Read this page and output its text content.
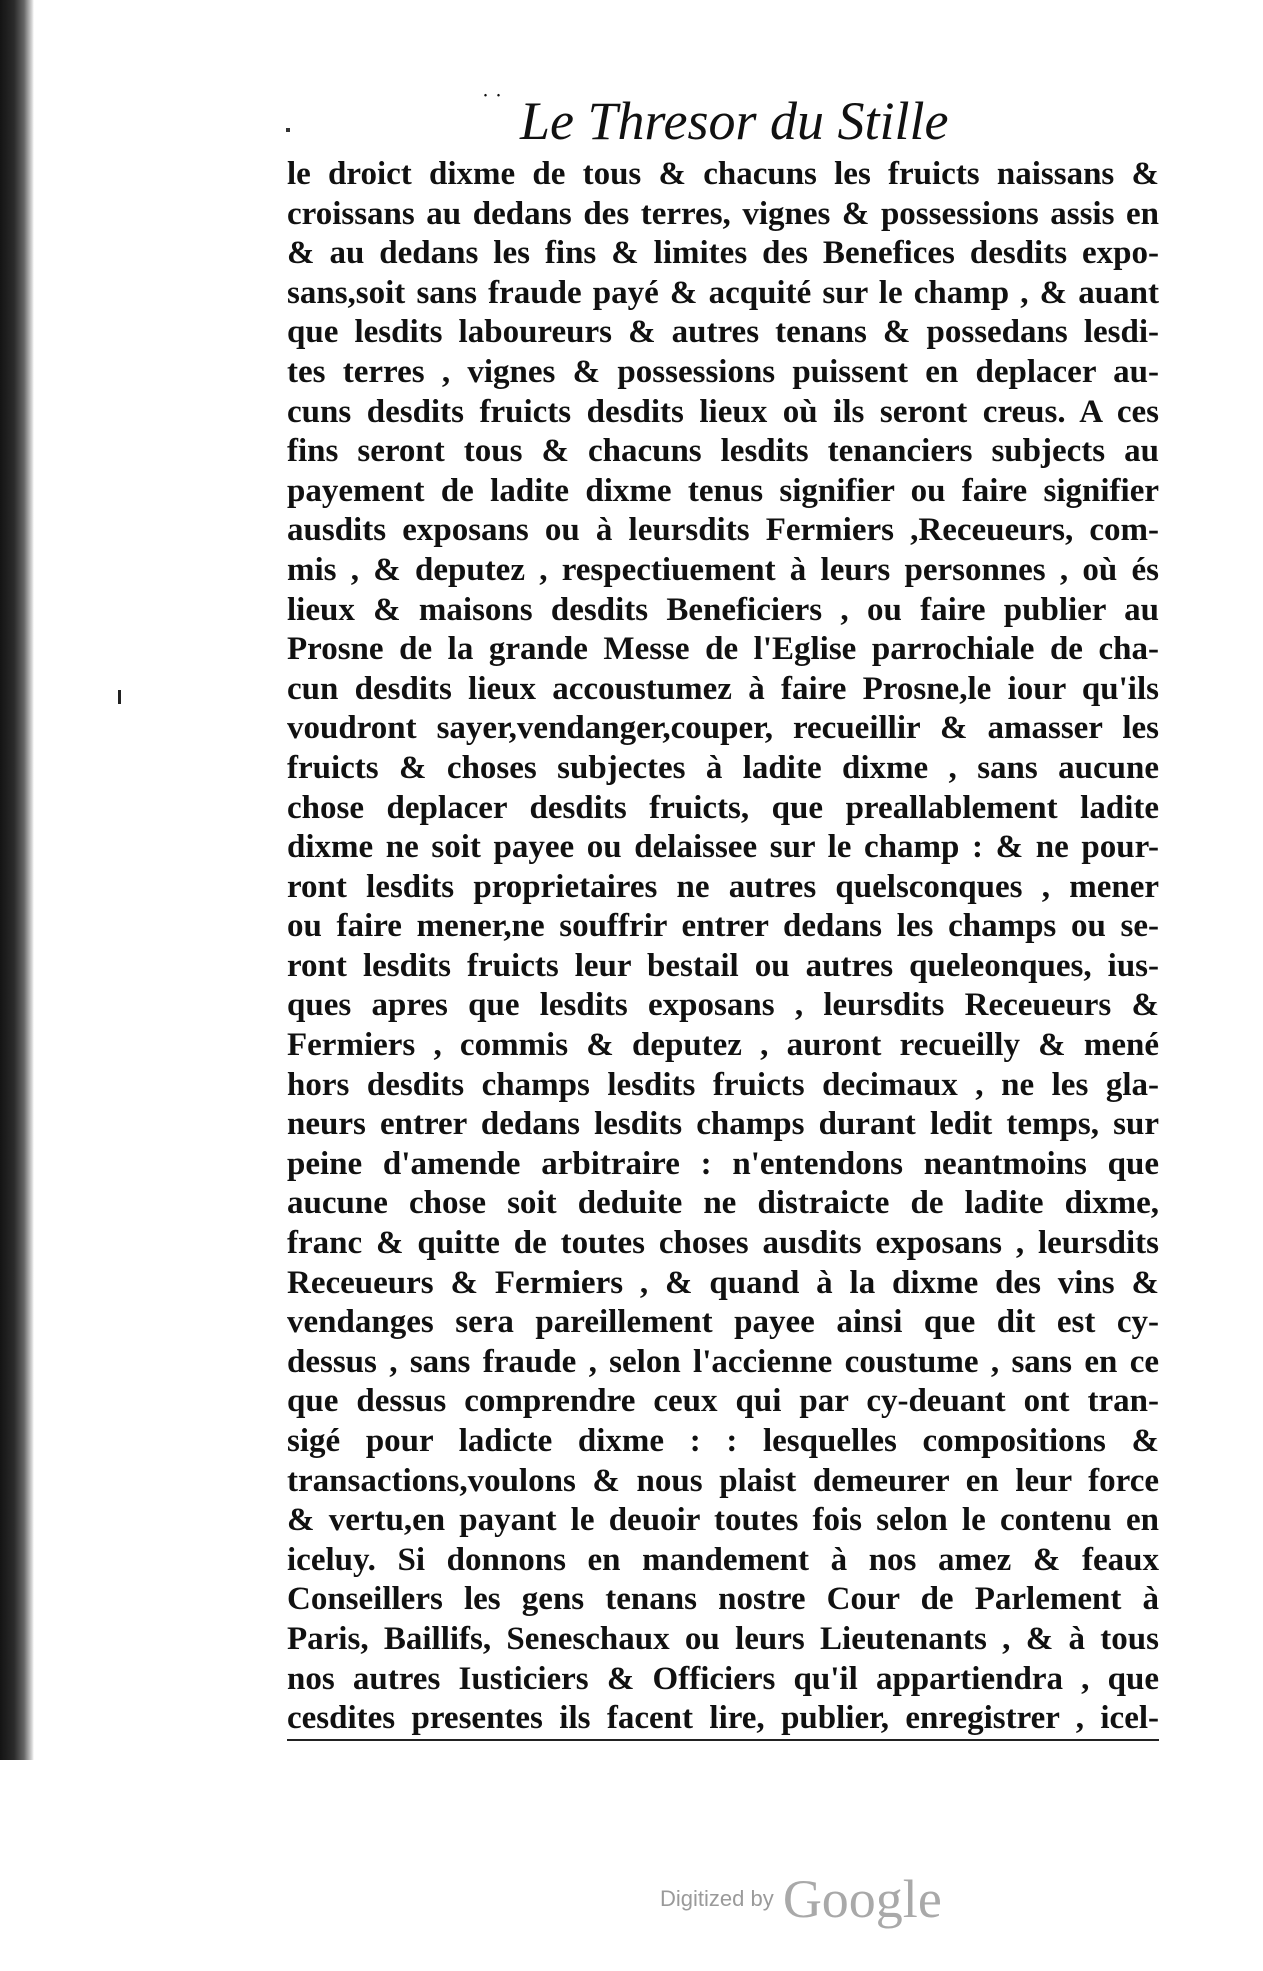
˙˙ Le Thresor du Stille
le droict dixme de tous & chacuns les fruicts naissans &
croissans au dedans des terres, vignes & possessions assis en
& au dedans les fins & limites des Benefices desdits expo-
sans,soit sans fraude payé & acquité sur le champ , & auant
que lesdits laboureurs & autres tenans & possedans lesdi-
tes terres , vignes & possessions puissent en deplacer au-
cuns desdits fruicts desdits lieux où ils seront creus. A ces
fins seront tous & chacuns lesdits tenanciers subjects au
payement de ladite dixme tenus signifier ou faire signifier
ausdits exposans ou à leursdits Fermiers ,Receueurs, com-
mis , & deputez , respectiuement à leurs personnes , où és
lieux & maisons desdits Beneficiers , ou faire publier au
Prosne de la grande Messe de l'Eglise parrochiale de cha-
cun desdits lieux accoustumez à faire Prosne,le iour qu'ils
voudront sayer,vendanger,couper, recueillir & amasser les
fruicts & choses subjectes à ladite dixme , sans aucune
chose deplacer desdits fruicts, que preallablement ladite
dixme ne soit payee ou delaissee sur le champ : & ne pour-
ront lesdits proprietaires ne autres quelsconques , mener
ou faire mener,ne souffrir entrer dedans les champs ou se-
ront lesdits fruicts leur bestail ou autres queleonques, ius-
ques apres que lesdits exposans , leursdits Receueurs &
Fermiers , commis & deputez , auront recueilly & mené
hors desdits champs lesdits fruicts decimaux , ne les gla-
neurs entrer dedans lesdits champs durant ledit temps, sur
peine d'amende arbitraire : n'entendons neantmoins que
aucune chose soit deduite ne distraicte de ladite dixme,
franc & quitte de toutes choses ausdits exposans , leursdits
Receueurs & Fermiers , & quand à la dixme des vins &
vendanges sera pareillement payee ainsi que dit est cy-
dessus , sans fraude , selon l'accienne coustume , sans en ce
que dessus comprendre ceux qui par cy-deuant ont tran-
sigé pour ladicte dixme : : lesquelles compositions &
transactions,voulons & nous plaist demeurer en leur force
& vertu,en payant le deuoir toutes fois selon le contenu en
iceluy. Si donnons en mandement à nos amez & feaux
Conseillers les gens tenans nostre Cour de Parlement à
Paris, Baillifs, Seneschaux ou leurs Lieutenants , & à tous
nos autres Iusticiers & Officiers qu'il appartiendra , que
cesdites presentes ils facent lire, publier, enregistrer , icel-
Digitized by Google
